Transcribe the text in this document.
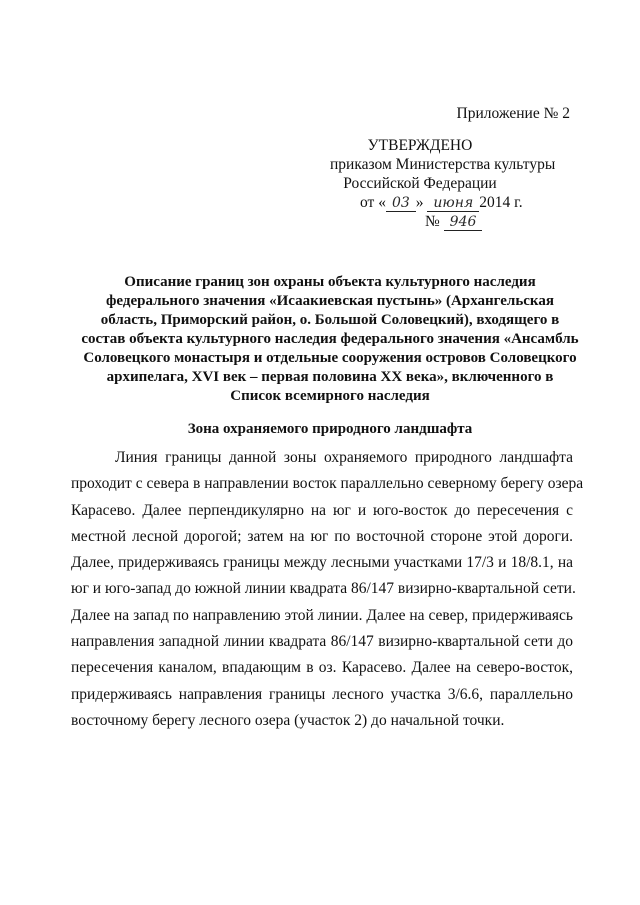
Приложение № 2
УТВЕРЖДЕНО
приказом Министерства культуры
Российской Федерации
от « 03 » июня 2014 г.
№ 946
Описание границ зон охраны объекта культурного наследия
федерального значения «Исаакиевская пустынь» (Архангельская
область, Приморский район, о. Большой Соловецкий), входящего в
состав объекта культурного наследия федерального значения «Ансамбль
Соловецкого монастыря и отдельные сооружения островов Соловецкого
архипелага, XVI век – первая половина XX века», включенного в
Список всемирного наследия
Зона охраняемого природного ландшафта
Линия границы данной зоны охраняемого природного ландшафта
проходит с севера в направлении восток параллельно северному берегу озера
Карасево. Далее перпендикулярно на юг и юго-восток до пересечения с
местной лесной дорогой; затем на юг по восточной стороне этой дороги.
Далее, придерживаясь границы между лесными участками 17/3 и 18/8.1, на
юг и юго-запад до южной линии квадрата 86/147 визирно-квартальной сети.
Далее на запад по направлению этой линии. Далее на север, придерживаясь
направления западной линии квадрата 86/147 визирно-квартальной сети до
пересечения каналом, впадающим в оз. Карасево. Далее на северо-восток,
придерживаясь направления границы лесного участка 3/6.6, параллельно
восточному берегу лесного озера (участок 2) до начальной точки.
